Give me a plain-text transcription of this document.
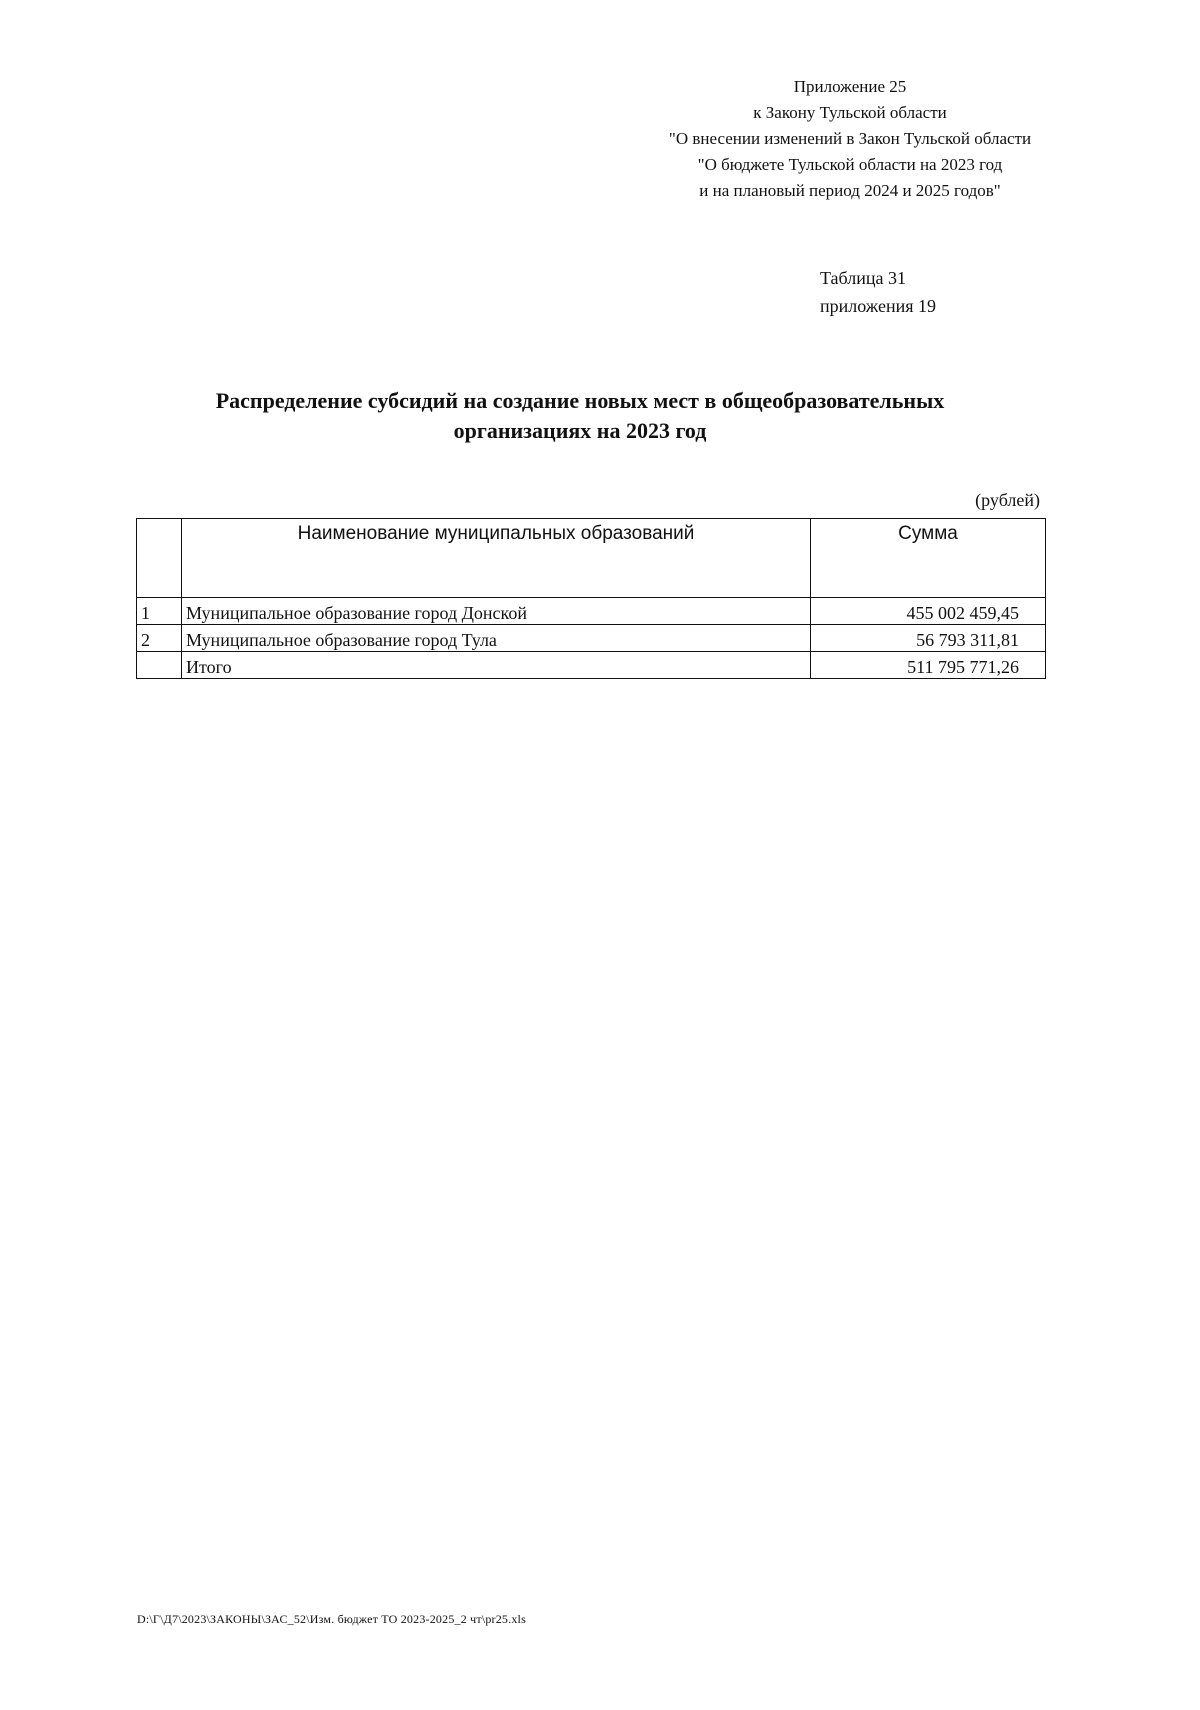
Приложение 25
к Закону Тульской области
"О внесении изменений в Закон Тульской области
"О бюджете Тульской области на 2023 год
и на плановый период 2024 и 2025 годов"
Таблица 31
приложения 19
Распределение субсидий на создание новых мест в общеобразовательных
организациях на 2023 год
(рублей)
	Наименование муниципальных образований	Сумма
1	Муниципальное образование город Донской	455 002 459,45
2	Муниципальное образование город Тула	56 793 311,81
	Итого	511 795 771,26
D:\Г\Д7\2023\ЗАКОНЫ\ЗАС_52\Изм. бюджет ТО 2023-2025_2 чт\pr25.xls
